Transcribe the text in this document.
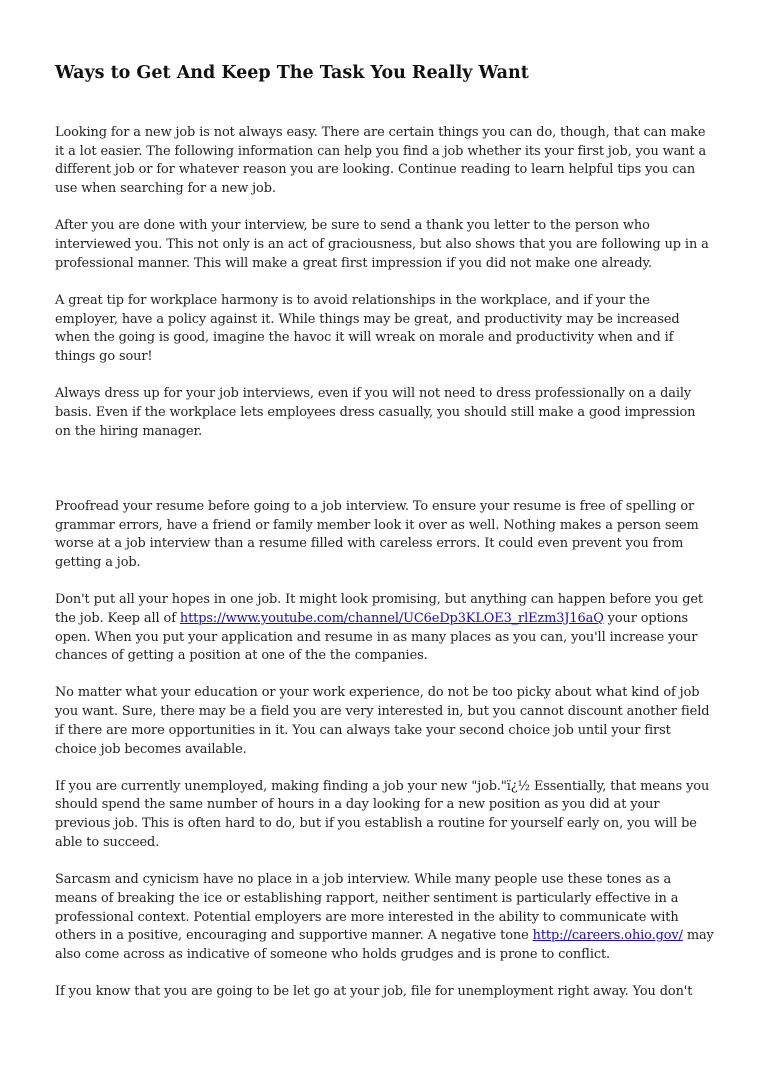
Ways to Get And Keep The Task You Really Want

Looking for a new job is not always easy. There are certain things you can do, though, that can make it a lot easier. The following information can help you find a job whether its your first job, you want a different job or for whatever reason you are looking. Continue reading to learn helpful tips you can use when searching for a new job.

After you are done with your interview, be sure to send a thank you letter to the person who interviewed you. This not only is an act of graciousness, but also shows that you are following up in a professional manner. This will make a great first impression if you did not make one already.

A great tip for workplace harmony is to avoid relationships in the workplace, and if your the employer, have a policy against it. While things may be great, and productivity may be increased when the going is good, imagine the havoc it will wreak on morale and productivity when and if things go sour!

Always dress up for your job interviews, even if you will not need to dress professionally on a daily basis. Even if the workplace lets employees dress casually, you should still make a good impression on the hiring manager.

Proofread your resume before going to a job interview. To ensure your resume is free of spelling or grammar errors, have a friend or family member look it over as well. Nothing makes a person seem worse at a job interview than a resume filled with careless errors. It could even prevent you from getting a job.

Don't put all your hopes in one job. It might look promising, but anything can happen before you get the job. Keep all of https://www.youtube.com/channel/UC6eDp3KLOE3_rlEzm3J16aQ your options open. When you put your application and resume in as many places as you can, you'll increase your chances of getting a position at one of the the companies.

No matter what your education or your work experience, do not be too picky about what kind of job you want. Sure, there may be a field you are very interested in, but you cannot discount another field if there are more opportunities in it. You can always take your second choice job until your first choice job becomes available.

If you are currently unemployed, making finding a job your new "job."ï¿½ Essentially, that means you should spend the same number of hours in a day looking for a new position as you did at your previous job. This is often hard to do, but if you establish a routine for yourself early on, you will be able to succeed.

Sarcasm and cynicism have no place in a job interview. While many people use these tones as a means of breaking the ice or establishing rapport, neither sentiment is particularly effective in a professional context. Potential employers are more interested in the ability to communicate with others in a positive, encouraging and supportive manner. A negative tone http://careers.ohio.gov/ may also come across as indicative of someone who holds grudges and is prone to conflict.

If you know that you are going to be let go at your job, file for unemployment right away. You don't
